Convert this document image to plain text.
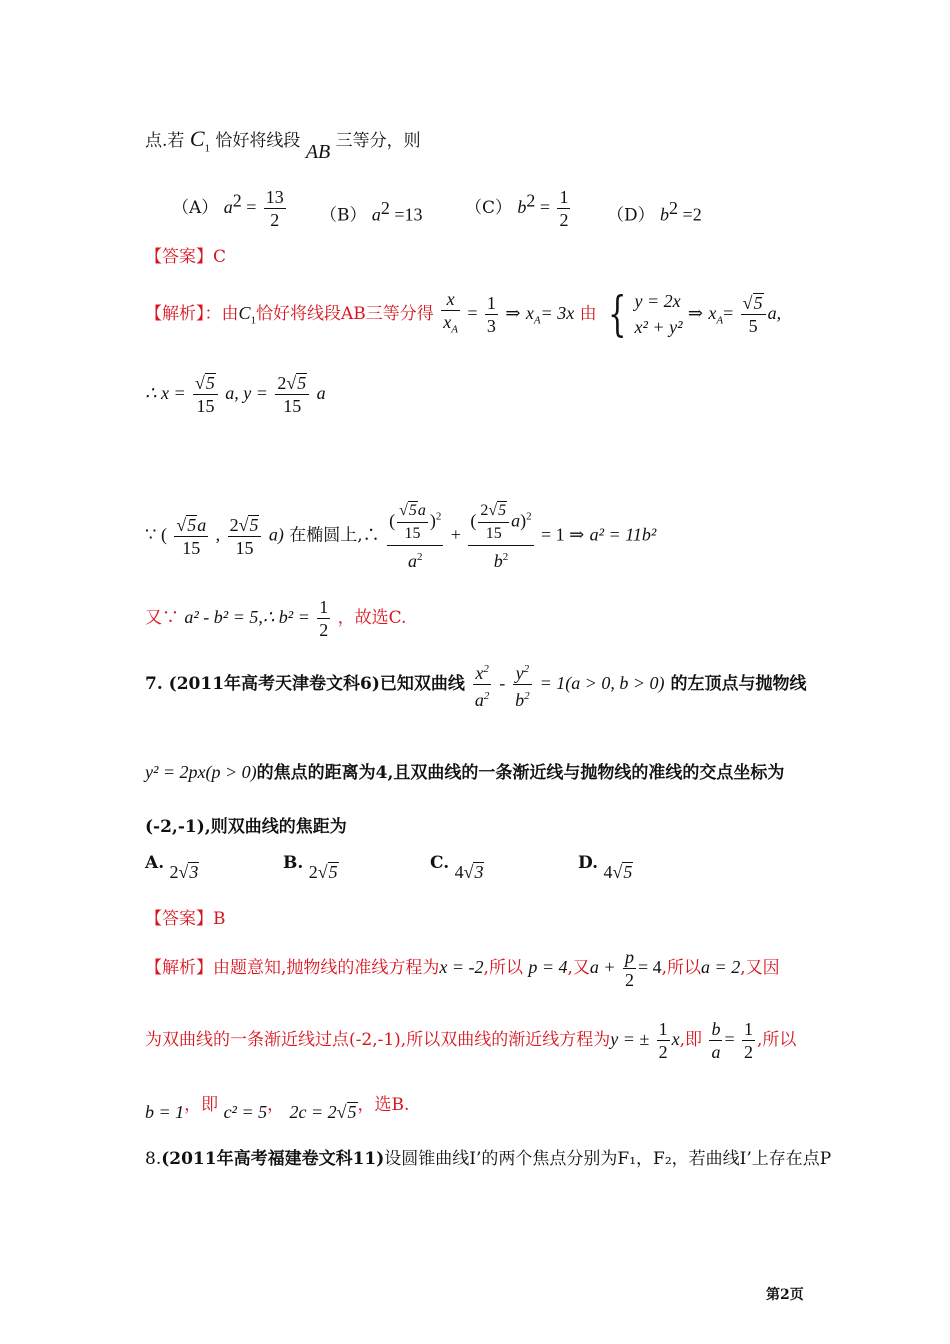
点.若 $C_1$ 恰好将线段 AB 三等分，则
（A） $a^2 = \frac{13}{2} (B)$ $a^2 =13$ （C） $b^2 = \frac{1}{2} (D)$ $b^2 =2$
【答案】C
【解析】：由$C_1$恰好将线段AB三等分得 $\frac{x}{x_A} = \frac{1}{3}$ ⇒ $x_A= 3x$ 由 { y = 2x
x² + y²
⇒ $x_A= \frac{√5}{5} a$,
∴ $x = \frac{√5}{15} a$, $y = \frac{2√5}{15}$ a
∵ ( $\frac{√5a}{15}$ , $\frac{2√5}{15} a$) 在椭圆上,∴ $\frac{( \frac{√5a}{15} )^2}{a^2} + \frac{( \frac{2√5}{15} a)^2}{b^2} = 1$ ⇒ a² = 11b²
又∵ a² - b² = 5,∴ $b^2 = \frac{1}{2}$ ，故选C.
7. (2011年高考天津卷文科6)已知双曲线 $\frac{x^2}{a^2} - \frac{y^2}{b^2} = 1(a > 0$, b > 0) 的左顶点与抛物线
y² = 2px(p > 0)的焦点的距离为4,且双曲线的一条渐近线与抛物线的准线的交点坐标为
(-2,-1),则双曲线的焦距为
A. 2√3	B. 2√5	C. 4√3	D. 4√5
【答案】B
【解析】由题意知,抛物线的准线方程为x = -2,所以 p = 4,又$a + \frac{p}{2} = 4$,所以a = 2,又因
为双曲线的一条渐近线过点(-2,-1),所以双曲线的渐近线方程为y = ± $\frac{1}{2} x$,即 $\frac{b}{a} = \frac{1}{2}$ ,所以
b = 1，即 c² = 5， 2c = 2√5，选B.
8.(2011年高考福建卷文科11)设圆锥曲线I’的两个焦点分别为F₁，F₂，若曲线I’上存在点P
第2页
